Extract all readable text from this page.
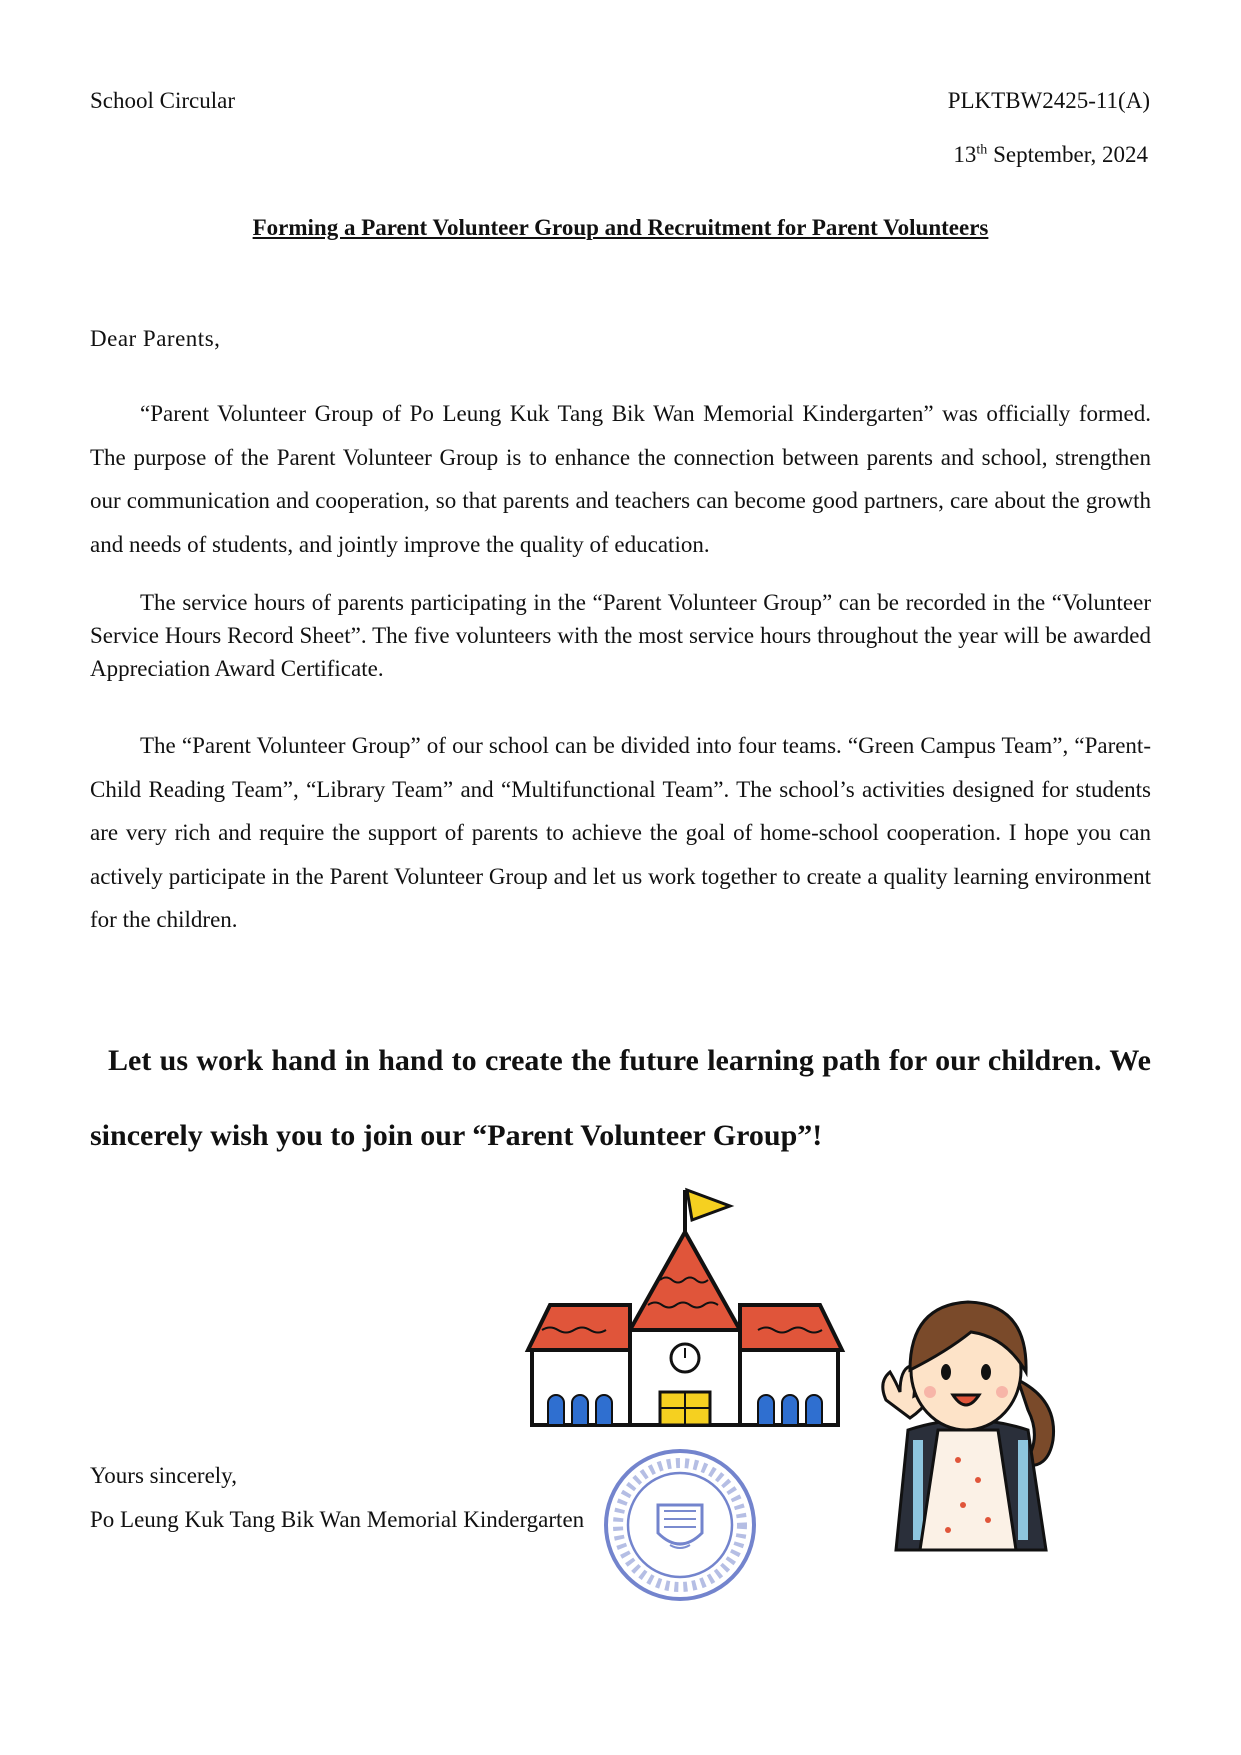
School Circular	PLKTBW2425-11(A)
13th September, 2024
Forming a Parent Volunteer Group and Recruitment for Parent Volunteers
Dear Parents,
“Parent Volunteer Group of Po Leung Kuk Tang Bik Wan Memorial Kindergarten” was officially formed. The purpose of the Parent Volunteer Group is to enhance the connection between parents and school, strengthen our communication and cooperation, so that parents and teachers can become good partners, care about the growth and needs of students, and jointly improve the quality of education.
The service hours of parents participating in the “Parent Volunteer Group” can be recorded in the “Volunteer Service Hours Record Sheet”. The five volunteers with the most service hours throughout the year will be awarded Appreciation Award Certificate.
The “Parent Volunteer Group” of our school can be divided into four teams. “Green Campus Team”, “Parent-Child Reading Team”, “Library Team” and “Multifunctional Team”. The school’s activities designed for students are very rich and require the support of parents to achieve the goal of home-school cooperation. I hope you can actively participate in the Parent Volunteer Group and let us work together to create a quality learning environment for the children.
Let us work hand in hand to create the future learning path for our children. We sincerely wish you to join our “Parent Volunteer Group”!
Yours sincerely,
Po Leung Kuk Tang Bik Wan Memorial Kindergarten
